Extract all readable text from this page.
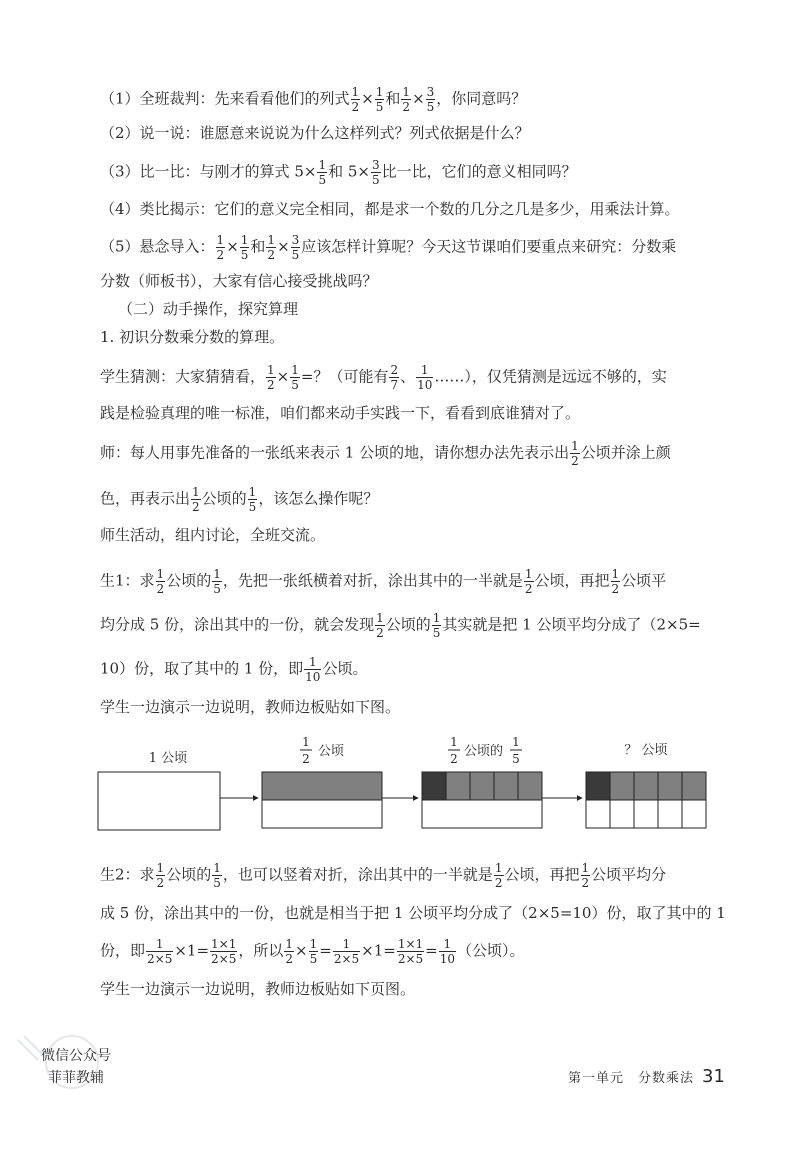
（1）全班裁判：先来看看他们的列式 $\frac{1}{2} \times \frac{1}{5}$ 和 $\frac{1}{2} \times \frac{3}{5}$ ，你同意吗？
（2）说一说：谁愿意来说说为什么这样列式？列式依据是什么？
（3）比一比：与刚才的算式 $5\times \frac{1}{5}$ 和 $5\times \frac{3}{5}$ 比一比，它们的意义相同吗？
（4）类比揭示：它们的意义完全相同，都是求一个数的几分之几是多少，用乘法计算。
（5）悬念导入： $\frac{1}{2} \times \frac{1}{5}$ 和 $\frac{1}{2} \times \frac{3}{5}$ 应该怎样计算呢？今天这节课咱们要重点来研究：分数乘
分数（师板书），大家有信心接受挑战吗？
（二）动手操作，探究算理
1. 初识分数乘分数的算理。
学生猜测：大家猜猜看， $\frac{1}{2} \times \frac{1}{5}$ =？（可能有 $\frac{2}{7}$ 、 $\frac{1}{10}$ ……），仅凭猜测是远远不够的，实
践是检验真理的唯一标准，咱们都来动手实践一下，看看到底谁猜对了。
师：每人用事先准备的一张纸来表示 1 公顷的地，请你想办法先表示出 $\frac{1}{2}$ 公顷并涂上颜
色，再表示出 $\frac{1}{2}$ 公顷的 $\frac{1}{5}$ ，该怎么操作呢？
师生活动，组内讨论，全班交流。
生1：求 $\frac{1}{2}$ 公顷的 $\frac{1}{5}$ ，先把一张纸横着对折，涂出其中的一半就是 $\frac{1}{2}$ 公顷，再把 $\frac{1}{2}$ 公顷平
均分成 5 份，涂出其中的一份，就会发现 $\frac{1}{2}$ 公顷的 $\frac{1}{5}$ 其实就是把 1 公顷平均分成了（2×5=
10）份，取了其中的 1 份，即 $\frac{1}{10}$ 公顷。
学生一边演示一边说明，教师边板贴如下图。
1 公顷
1
2 公顷
1
2 公顷的
1
5
？ 公顷
生2：求 $\frac{1}{2}$ 公顷的 $\frac{1}{5}$ ，也可以竖着对折，涂出其中的一半就是 $\frac{1}{2}$ 公顷，再把 $\frac{1}{2}$ 公顷平均分
成 5 份，涂出其中的一份，也就是相当于把 1 公顷平均分成了（2×5=10）份，取了其中的 1
份，即 $\frac{1}{2\times 5} \times 1= \frac{1\times 1}{2\times 5}$ ，所以 $\frac{1}{2} \times \frac{1}{5} = \frac{1}{2\times 5} \times 1= \frac{1\times 1}{2\times 5} = \frac{1}{10}$ （公顷）。
学生一边演示一边说明，教师边板贴如下页图。
微信公众号
菲菲教辅	第一单元　分数乘法 31
